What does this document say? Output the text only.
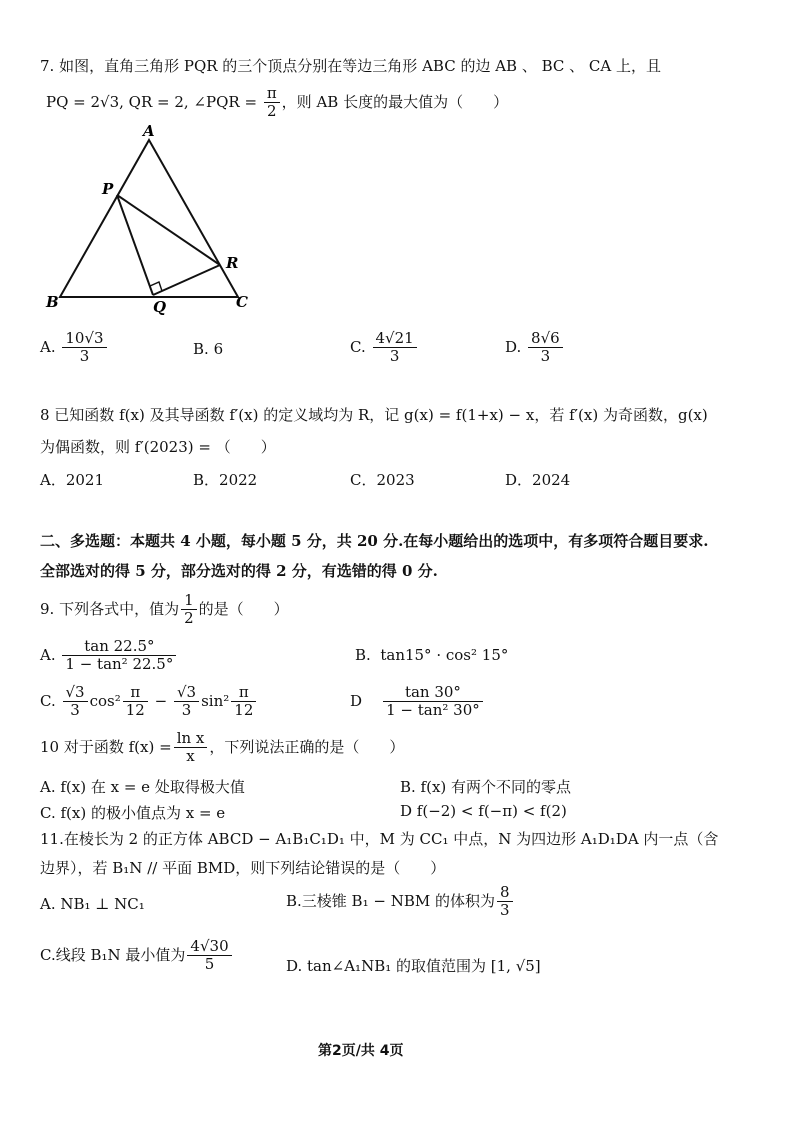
7. 如图，直角三角形 PQR 的三个顶点分别在等边三角形 ABC 的边 AB 、 BC 、 CA 上，且
PQ = 2√3, QR = 2, ∠PQR = $\frac{\pi}{2}$ ，则 AB 长度的最大值为（　　）
A
P
R
B	Q	C
A. $\frac{10√3}{3}$	B. 6	C. $\frac{4√21}{3}$	D. $\frac{8√6}{3}$
8 已知函数 f(x) 及其导函数 f′(x) 的定义域均为 R，记 g(x) = f(1+x) − x，若 f′(x) 为奇函数，g(x)
为偶函数，则 f′(2023) = （　　）
A．2021	B．2022	C．2023	D．2024
二、多选题：本题共 4 小题，每小题 5 分，共 20 分.在每小题给出的选项中，有多项符合题目要求.
全部选对的得 5 分，部分选对的得 2 分，有选错的得 0 分.
9. 下列各式中，值为 $\frac{1}{2}$ 的是（　　）
A. $\frac{\tan 22.5^\circ}{\text{1 − tan² 22.5°}}$	B. tan15° · cos² 15°
C. $\frac{√3}{3} \cos^2 \frac{\pi}{12} - \frac{√3}{3} \sin^2 \frac{\pi}{12}$	D $\frac{\tan 30^\circ}{\text{1 − tan² 30°}}$
10 对于函数 $f(x) = \frac{\text{ln x}}{x}$ ，下列说法正确的是（　　）
A. f(x) 在 x = e 处取得极大值	B. f(x) 有两个不同的零点
C. f(x) 的极小值点为 x = e	D f(−2) < f(−π) < f(2)
11.在棱长为 2 的正方体 ABCD − A₁B₁C₁D₁ 中，M 为 CC₁ 中点，N 为四边形 A₁D₁DA 内一点（含
边界），若 B₁N // 平面 BMD，则下列结论错误的是（　　）
A. NB₁ ⊥ NC₁	B.三棱锥 B₁ − NBM 的体积为 $\frac{8}{3}$
C.线段 B₁N 最小值为 $\frac{4√30}{5}$	D. tan∠A₁NB₁ 的取值范围为 [1, √5]
第2页/共 4页
